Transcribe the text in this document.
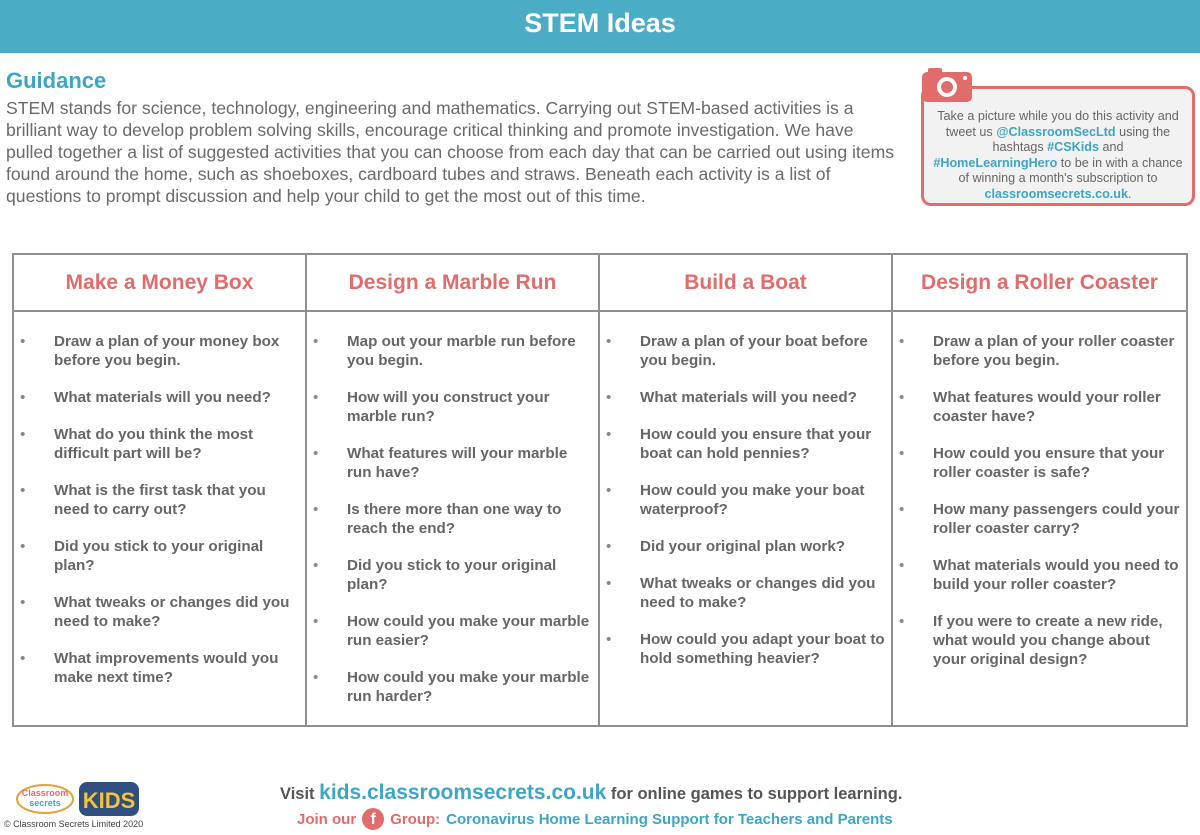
STEM Ideas
Guidance
STEM stands for science, technology, engineering and mathematics. Carrying out STEM-based activities is a brilliant way to develop problem solving skills, encourage critical thinking and promote investigation. We have pulled together a list of suggested activities that you can choose from each day that can be carried out using items found around the home, such as shoeboxes, cardboard tubes and straws. Beneath each activity is a list of questions to prompt discussion and help your child to get the most out of this time.
Take a picture while you do this activity and tweet us @ClassroomSecLtd using the hashtags #CSKids and #HomeLearningHero to be in with a chance of winning a month's subscription to classroomsecrets.co.uk.
Make a Money Box
• Draw a plan of your money box before you begin.
• What materials will you need?
• What do you think the most difficult part will be?
• What is the first task that you need to carry out?
• Did you stick to your original plan?
• What tweaks or changes did you need to make?
• What improvements would you make next time?
Design a Marble Run
• Map out your marble run before you begin.
• How will you construct your marble run?
• What features will your marble run have?
• Is there more than one way to reach the end?
• Did you stick to your original plan?
• How could you make your marble run easier?
• How could you make your marble run harder?
Build a Boat
• Draw a plan of your boat before you begin.
• What materials will you need?
• How could you ensure that your boat can hold pennies?
• How could you make your boat waterproof?
• Did your original plan work?
• What tweaks or changes did you need to make?
• How could you adapt your boat to hold something heavier?
Design a Roller Coaster
• Draw a plan of your roller coaster before you begin.
• What features would your roller coaster have?
• How could you ensure that your roller coaster is safe?
• How many passengers could your roller coaster carry?
• What materials would you need to build your roller coaster?
• If you were to create a new ride, what would you change about your original design?
Classroom
secrets KIDS
© Classroom Secrets Limited 2020
Visit kids.classroomsecrets.co.uk for online games to support learning.
Join our f Group: Coronavirus Home Learning Support for Teachers and Parents
